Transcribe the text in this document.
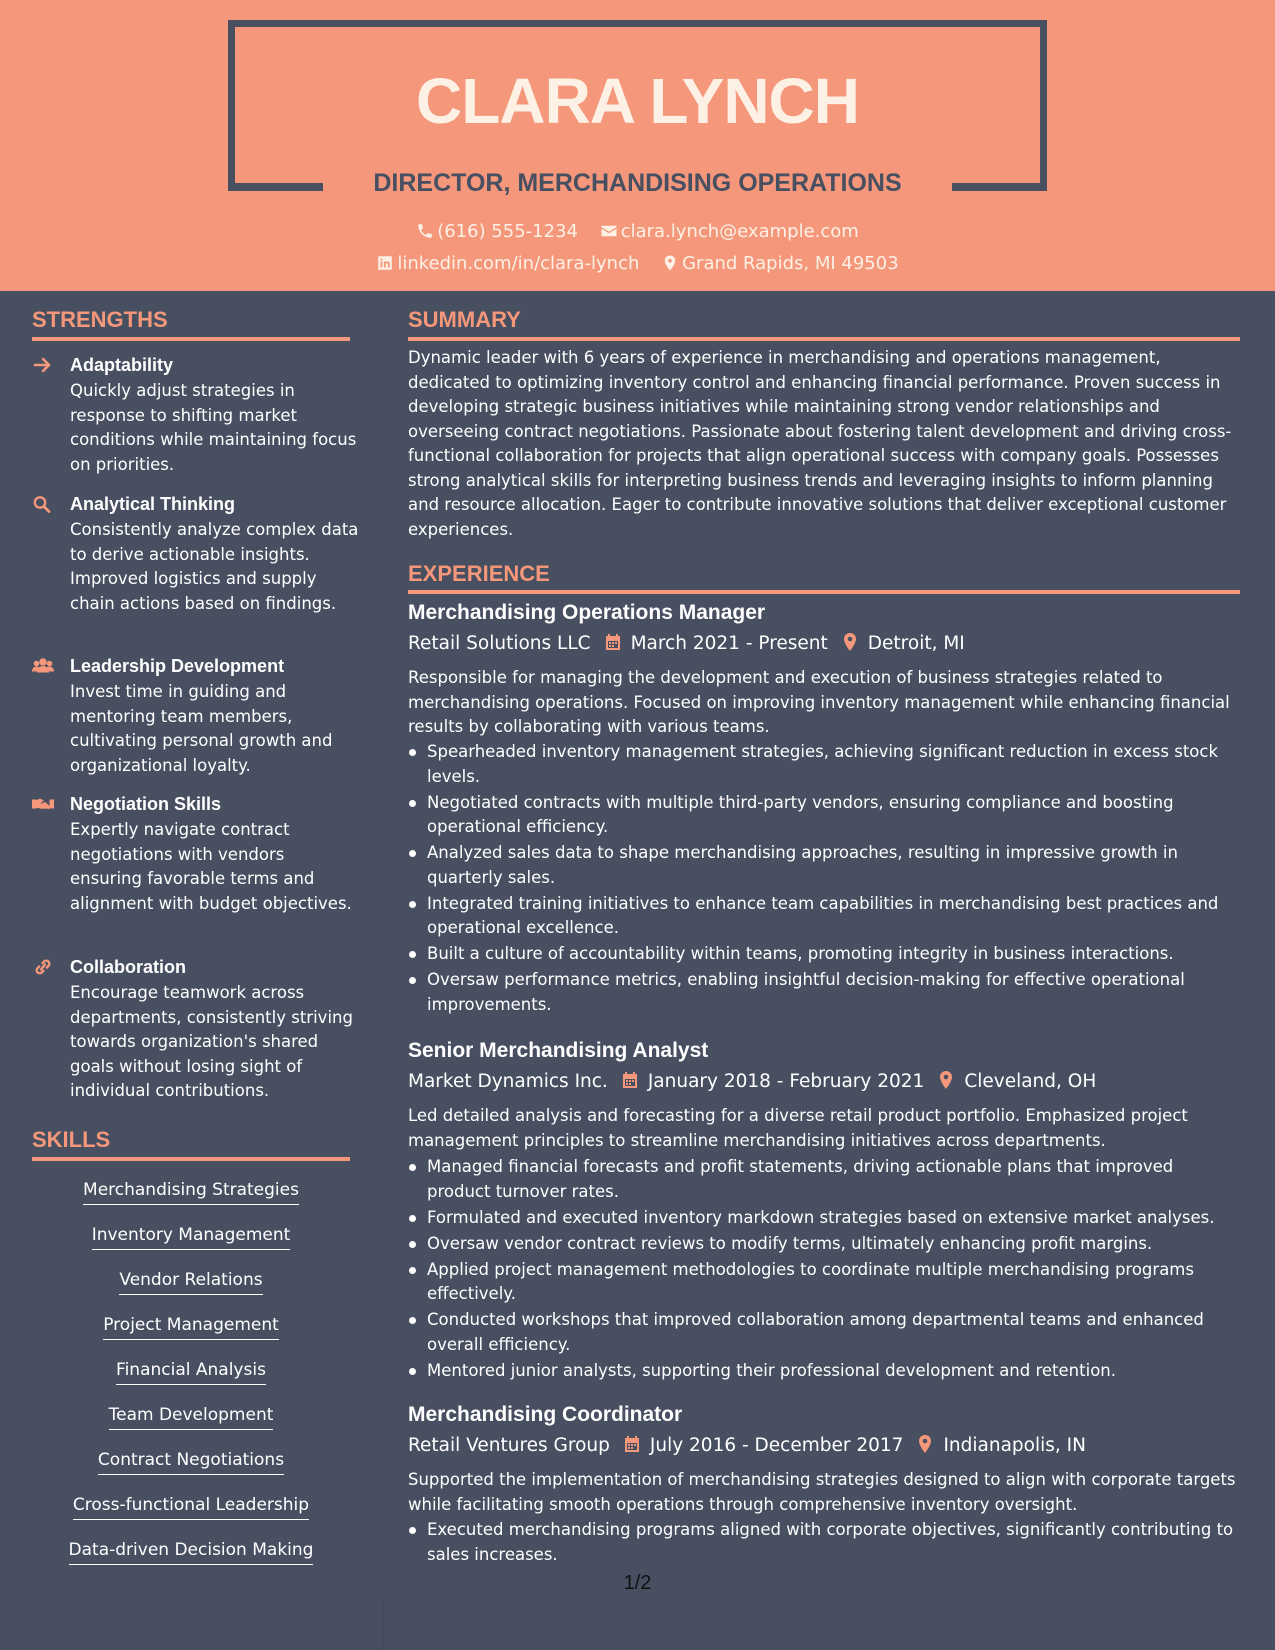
CLARA LYNCH
DIRECTOR, MERCHANDISING OPERATIONS
(616) 555-1234 clara.lynch@example.com
linkedin.com/in/clara-lynch Grand Rapids, MI 49503
STRENGTHS
Adaptability
Quickly adjust strategies in response to shifting market conditions while maintaining focus on priorities.
Analytical Thinking
Consistently analyze complex data to derive actionable insights. Improved logistics and supply chain actions based on findings.
Leadership Development
Invest time in guiding and mentoring team members, cultivating personal growth and organizational loyalty.
Negotiation Skills
Expertly navigate contract negotiations with vendors ensuring favorable terms and alignment with budget objectives.
Collaboration
Encourage teamwork across departments, consistently striving towards organization's shared goals without losing sight of individual contributions.
SKILLS
Merchandising Strategies
Inventory Management
Vendor Relations
Project Management
Financial Analysis
Team Development
Contract Negotiations
Cross-functional Leadership
Data-driven Decision Making
SUMMARY
Dynamic leader with 6 years of experience in merchandising and operations management, dedicated to optimizing inventory control and enhancing financial performance. Proven success in developing strategic business initiatives while maintaining strong vendor relationships and overseeing contract negotiations. Passionate about fostering talent development and driving cross-functional collaboration for projects that align operational success with company goals. Possesses strong analytical skills for interpreting business trends and leveraging insights to inform planning and resource allocation. Eager to contribute innovative solutions that deliver exceptional customer experiences.
EXPERIENCE
Merchandising Operations Manager
Retail Solutions LLC March 2021 - Present Detroit, MI
Responsible for managing the development and execution of business strategies related to merchandising operations. Focused on improving inventory management while enhancing financial results by collaborating with various teams.
Spearheaded inventory management strategies, achieving significant reduction in excess stock levels.
Negotiated contracts with multiple third-party vendors, ensuring compliance and boosting operational efficiency.
Analyzed sales data to shape merchandising approaches, resulting in impressive growth in quarterly sales.
Integrated training initiatives to enhance team capabilities in merchandising best practices and operational excellence.
Built a culture of accountability within teams, promoting integrity in business interactions.
Oversaw performance metrics, enabling insightful decision-making for effective operational improvements.
Senior Merchandising Analyst
Market Dynamics Inc. January 2018 - February 2021 Cleveland, OH
Led detailed analysis and forecasting for a diverse retail product portfolio. Emphasized project management principles to streamline merchandising initiatives across departments.
Managed financial forecasts and profit statements, driving actionable plans that improved product turnover rates.
Formulated and executed inventory markdown strategies based on extensive market analyses.
Oversaw vendor contract reviews to modify terms, ultimately enhancing profit margins.
Applied project management methodologies to coordinate multiple merchandising programs effectively.
Conducted workshops that improved collaboration among departmental teams and enhanced overall efficiency.
Mentored junior analysts, supporting their professional development and retention.
Merchandising Coordinator
Retail Ventures Group July 2016 - December 2017 Indianapolis, IN
Supported the implementation of merchandising strategies designed to align with corporate targets while facilitating smooth operations through comprehensive inventory oversight.
Executed merchandising programs aligned with corporate objectives, significantly contributing to sales increases.
1/2
